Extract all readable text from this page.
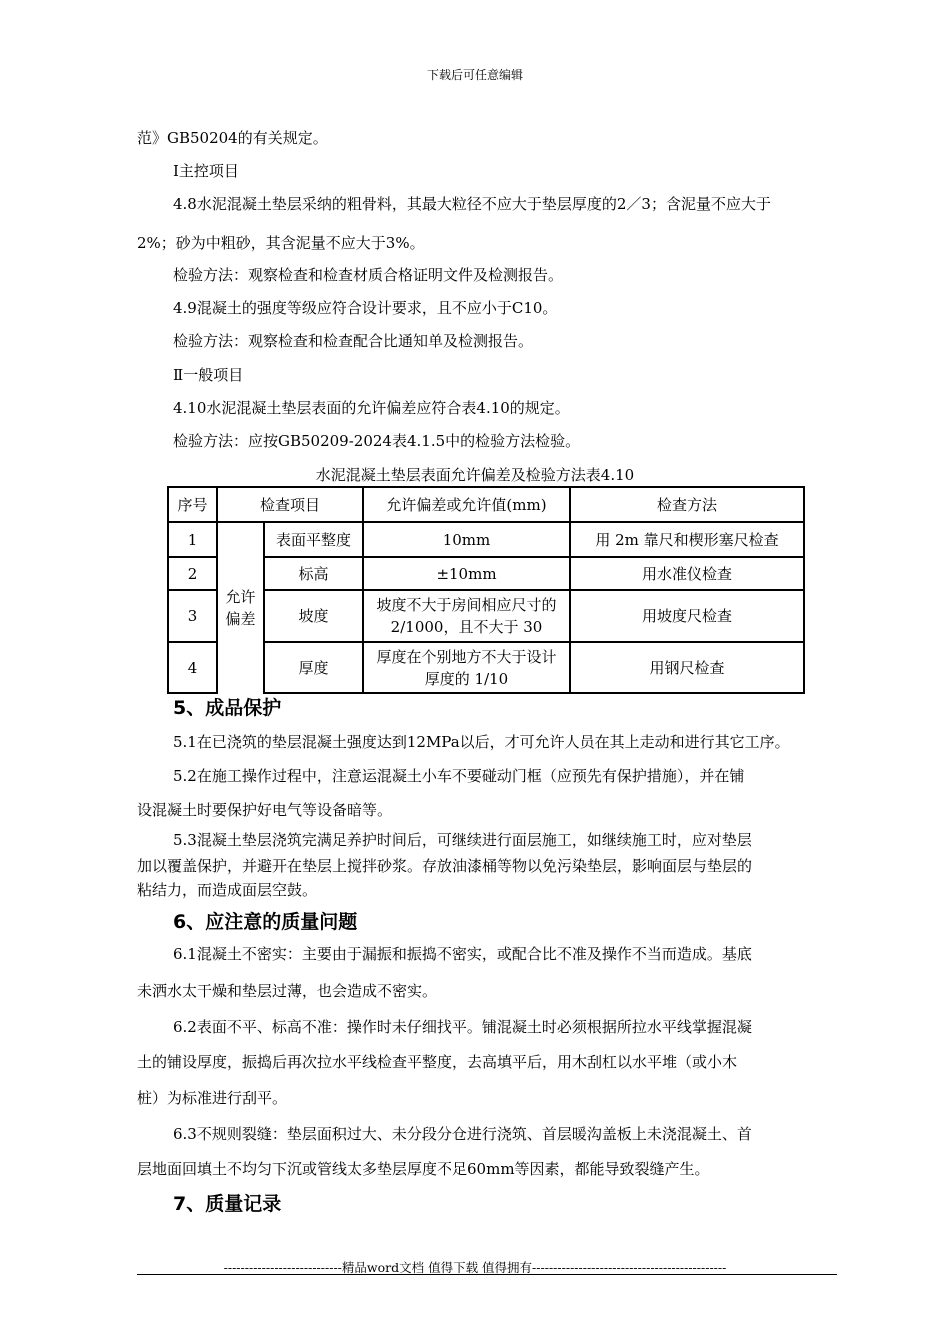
下载后可任意编辑
范》GB50204的有关规定。
Ⅰ主控项目
4.8水泥混凝土垫层采纳的粗骨料，其最大粒径不应大于垫层厚度的2／3；含泥量不应大于
2%；砂为中粗砂，其含泥量不应大于3%。
检验方法：观察检查和检查材质合格证明文件及检测报告。
4.9混凝土的强度等级应符合设计要求，且不应小于C10。
检验方法：观察检查和检查配合比通知单及检测报告。
Ⅱ一般项目
4.10水泥混凝土垫层表面的允许偏差应符合表4.10的规定。
检验方法：应按GB50209-2024表4.1.5中的检验方法检验。
水泥混凝土垫层表面允许偏差及检验方法表4.10
序号	检查项目		允许偏差或允许值(mm)	检查方法
1	允许
偏差	表面平整度	10mm	用 2m 靠尺和楔形塞尺检查
2		标高	±10mm	用水准仪检查
3		坡度	坡度不大于房间相应尺寸的
2/1000，且不大于 30	用坡度尺检查
4		厚度	厚度在个别地方不大于设计
厚度的 1/10	用钢尺检查
5、成品保护
5.1在已浇筑的垫层混凝土强度达到12MPa以后，才可允许人员在其上走动和进行其它工序。
5.2在施工操作过程中，注意运混凝土小车不要碰动门框（应预先有保护措施），并在铺
设混凝土时要保护好电气等设备暗等。
5.3混凝土垫层浇筑完满足养护时间后，可继续进行面层施工，如继续施工时，应对垫层
加以覆盖保护，并避开在垫层上搅拌砂浆。存放油漆桶等物以免污染垫层，影响面层与垫层的
粘结力，而造成面层空鼓。
6、应注意的质量问题
6.1混凝土不密实：主要由于漏振和振捣不密实，或配合比不准及操作不当而造成。基底
未洒水太干燥和垫层过薄，也会造成不密实。
6.2表面不平、标高不准：操作时未仔细找平。铺混凝土时必须根据所拉水平线掌握混凝
土的铺设厚度，振捣后再次拉水平线检查平整度，去高填平后，用木刮杠以水平堆（或小木
桩）为标准进行刮平。
6.3不规则裂缝：垫层面积过大、未分段分仓进行浇筑、首层暖沟盖板上未浇混凝土、首
层地面回填土不均匀下沉或管线太多垫层厚度不足60mm等因素，都能导致裂缝产生。
7、质量记录
----------------------------精品word文档 值得下载 值得拥有----------------------------------------------
